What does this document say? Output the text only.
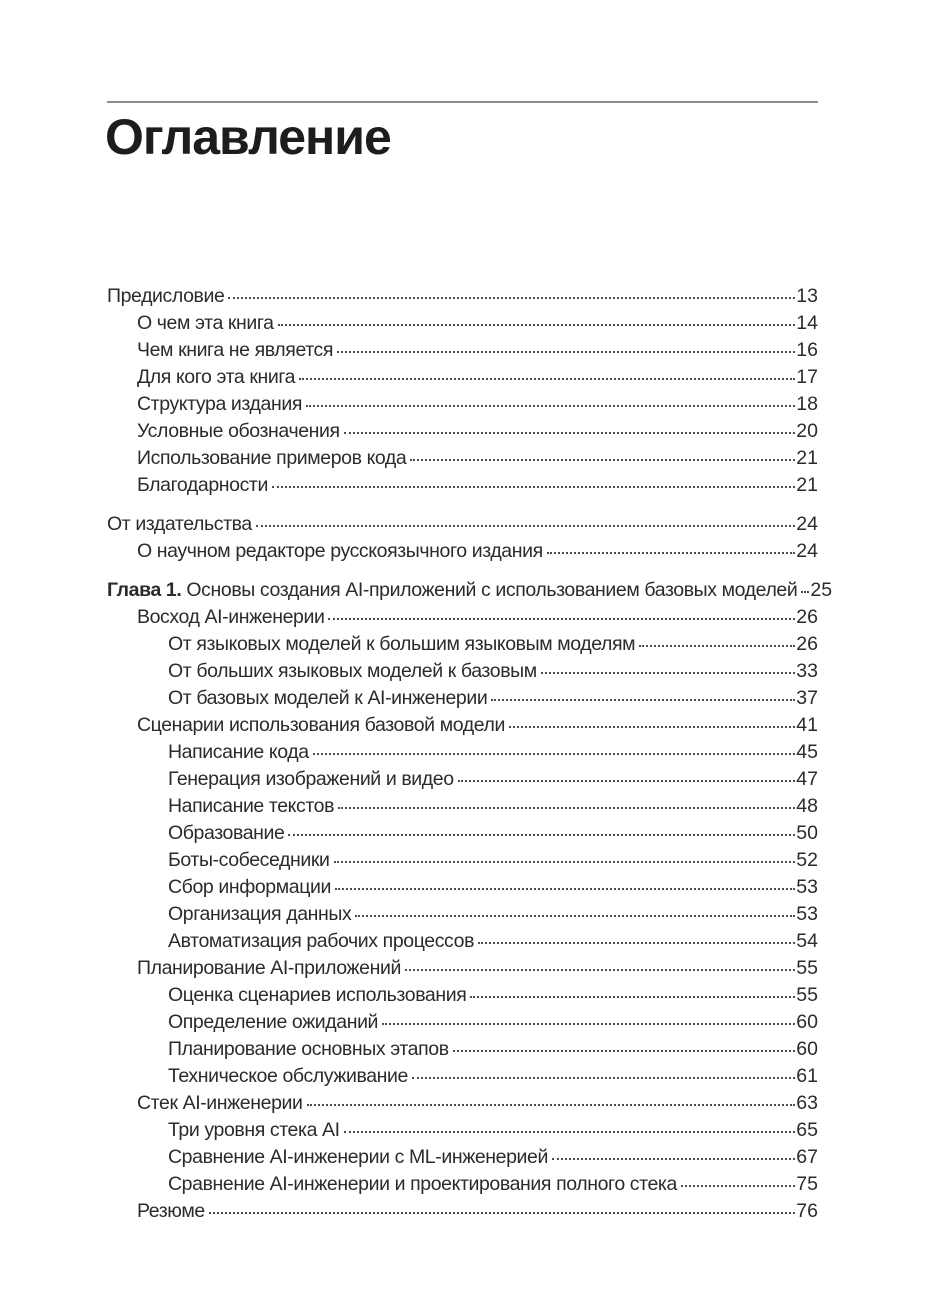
Оглавление
Предисловие	13
О чем эта книга	14
Чем книга не является	16
Для кого эта книга	17
Структура издания	18
Условные обозначения	20
Использование примеров кода	21
Благодарности	21
От издательства	24
О научном редакторе русскоязычного издания	24
Глава 1. Основы создания AI-приложений с использованием базовых моделей 25
Восход AI-инженерии	26
От языковых моделей к большим языковым моделям	26
От больших языковых моделей к базовым	33
От базовых моделей к AI-инженерии	37
Сценарии использования базовой модели	41
Написание кода	45
Генерация изображений и видео	47
Написание текстов	48
Образование	50
Боты-собеседники	52
Сбор информации	53
Организация данных	53
Автоматизация рабочих процессов	54
Планирование AI-приложений	55
Оценка сценариев использования	55
Определение ожиданий	60
Планирование основных этапов	60
Техническое обслуживание	61
Стек AI-инженерии	63
Три уровня стека AI	65
Сравнение AI-инженерии с ML-инженерией	67
Сравнение AI-инженерии и проектирования полного стека	75
Резюме	76
